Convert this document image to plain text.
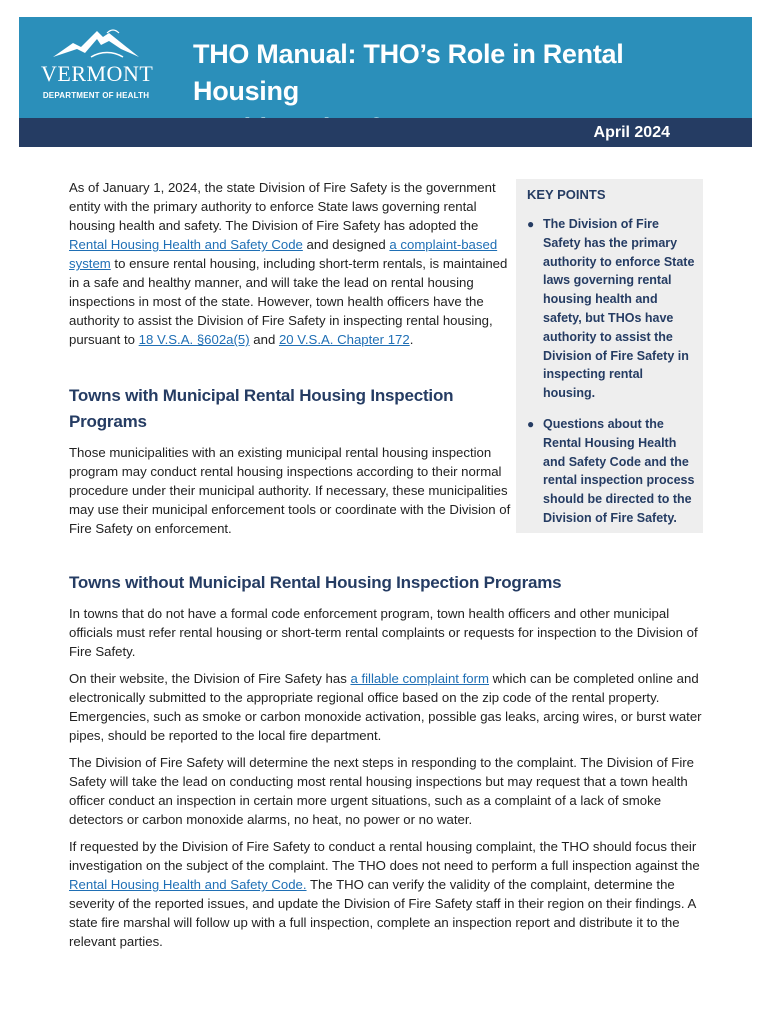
VERMONT
DEPARTMENT OF HEALTH
THO Manual: THO’s Role in Rental Housing
April 2024

As of January 1, 2024, the state Division of Fire Safety is the government entity with the primary authority to enforce State laws governing rental housing health and safety. The Division of Fire Safety has adopted the Rental Housing Health and Safety Code and designed a complaint-based system to ensure rental housing, including short-term rentals, is maintained in a safe and healthy manner, and will take the lead on rental housing inspections in most of the state. However, town health officers have the authority to assist the Division of Fire Safety in inspecting rental housing, pursuant to 18 V.S.A. §602a(5) and 20 V.S.A. Chapter 172.

KEY POINTS
● The Division of Fire Safety has the primary authority to enforce State laws governing rental housing health and safety, but THOs have authority to assist the Division of Fire Safety in inspecting rental housing.
● Questions about the Rental Housing Health and Safety Code and the rental inspection process should be directed to the Division of Fire Safety.
Towns with Municipal Rental Housing Inspection Programs

Those municipalities with an existing municipal rental housing inspection program may conduct rental housing inspections according to their normal procedure under their municipal authority. If necessary, these municipalities may use their municipal enforcement tools or coordinate with the Division of Fire Safety on enforcement.

Towns without Municipal Rental Housing Inspection Programs

In towns that do not have a formal code enforcement program, town health officers and other municipal officials must refer rental housing or short-term rental complaints or requests for inspection to the Division of Fire Safety.

On their website, the Division of Fire Safety has a fillable complaint form which can be completed online and electronically submitted to the appropriate regional office based on the zip code of the rental property. Emergencies, such as smoke or carbon monoxide activation, possible gas leaks, arcing wires, or burst water pipes, should be reported to the local fire department.

The Division of Fire Safety will determine the next steps in responding to the complaint. The Division of Fire Safety will take the lead on conducting most rental housing inspections but may request that a town health officer conduct an inspection in certain more urgent situations, such as a complaint of a lack of smoke detectors or carbon monoxide alarms, no heat, no power or no water.

If requested by the Division of Fire Safety to conduct a rental housing complaint, the THO should focus their investigation on the subject of the complaint. The THO does not need to perform a full inspection against the Rental Housing Health and Safety Code. The THO can verify the validity of the complaint, determine the severity of the reported issues, and update the Division of Fire Safety staff in their region on their findings. A state fire marshal will follow up with a full inspection, complete an inspection report and distribute it to the relevant parties.
